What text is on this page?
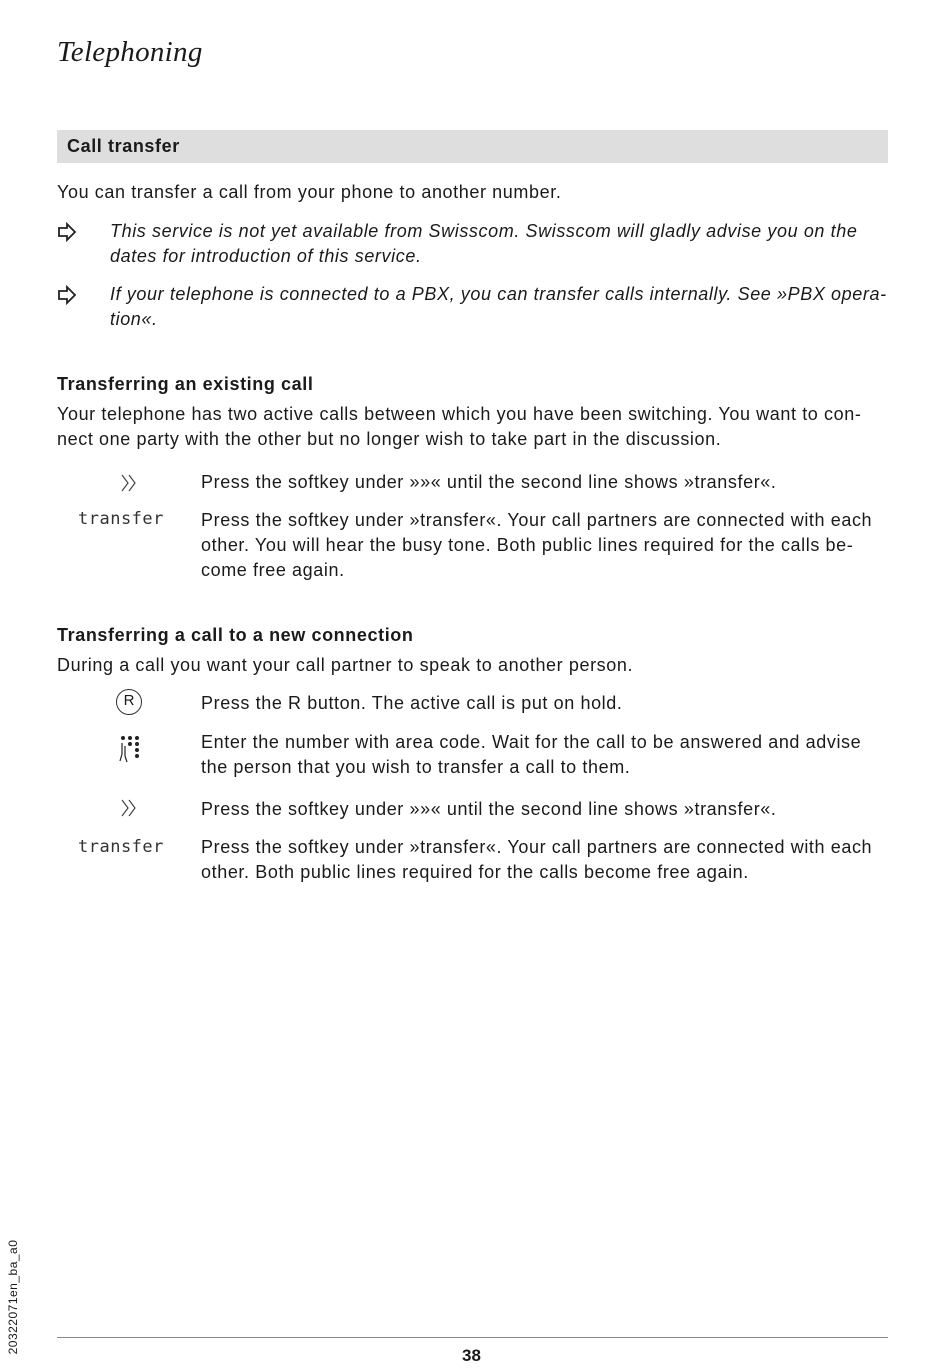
Telephoning
Call transfer
You can transfer a call from your phone to another number.
This service is not yet available from Swisscom. Swisscom will gladly advise you on the
dates for introduction of this service.
If your telephone is connected to a PBX, you can transfer calls internally. See »PBX opera-
tion«.
Transferring an existing call
Your telephone has two active calls between which you have been switching. You want to con-
nect one party with the other but no longer wish to take part in the discussion.
Press the softkey under »»« until the second line shows »transfer«.
transfer Press the softkey under »transfer«. Your call partners are connected with each
other. You will hear the busy tone. Both public lines required for the calls be-
come free again.
Transferring a call to a new connection
During a call you want your call partner to speak to another person.
R	Press the R button. The active call is put on hold.
Enter the number with area code. Wait for the call to be answered and advise
the person that you wish to transfer a call to them.
Press the softkey under »»« until the second line shows »transfer«.
transfer Press the softkey under »transfer«. Your call partners are connected with each
other. Both public lines required for the calls become free again.
20322071en_ba_a0
38
